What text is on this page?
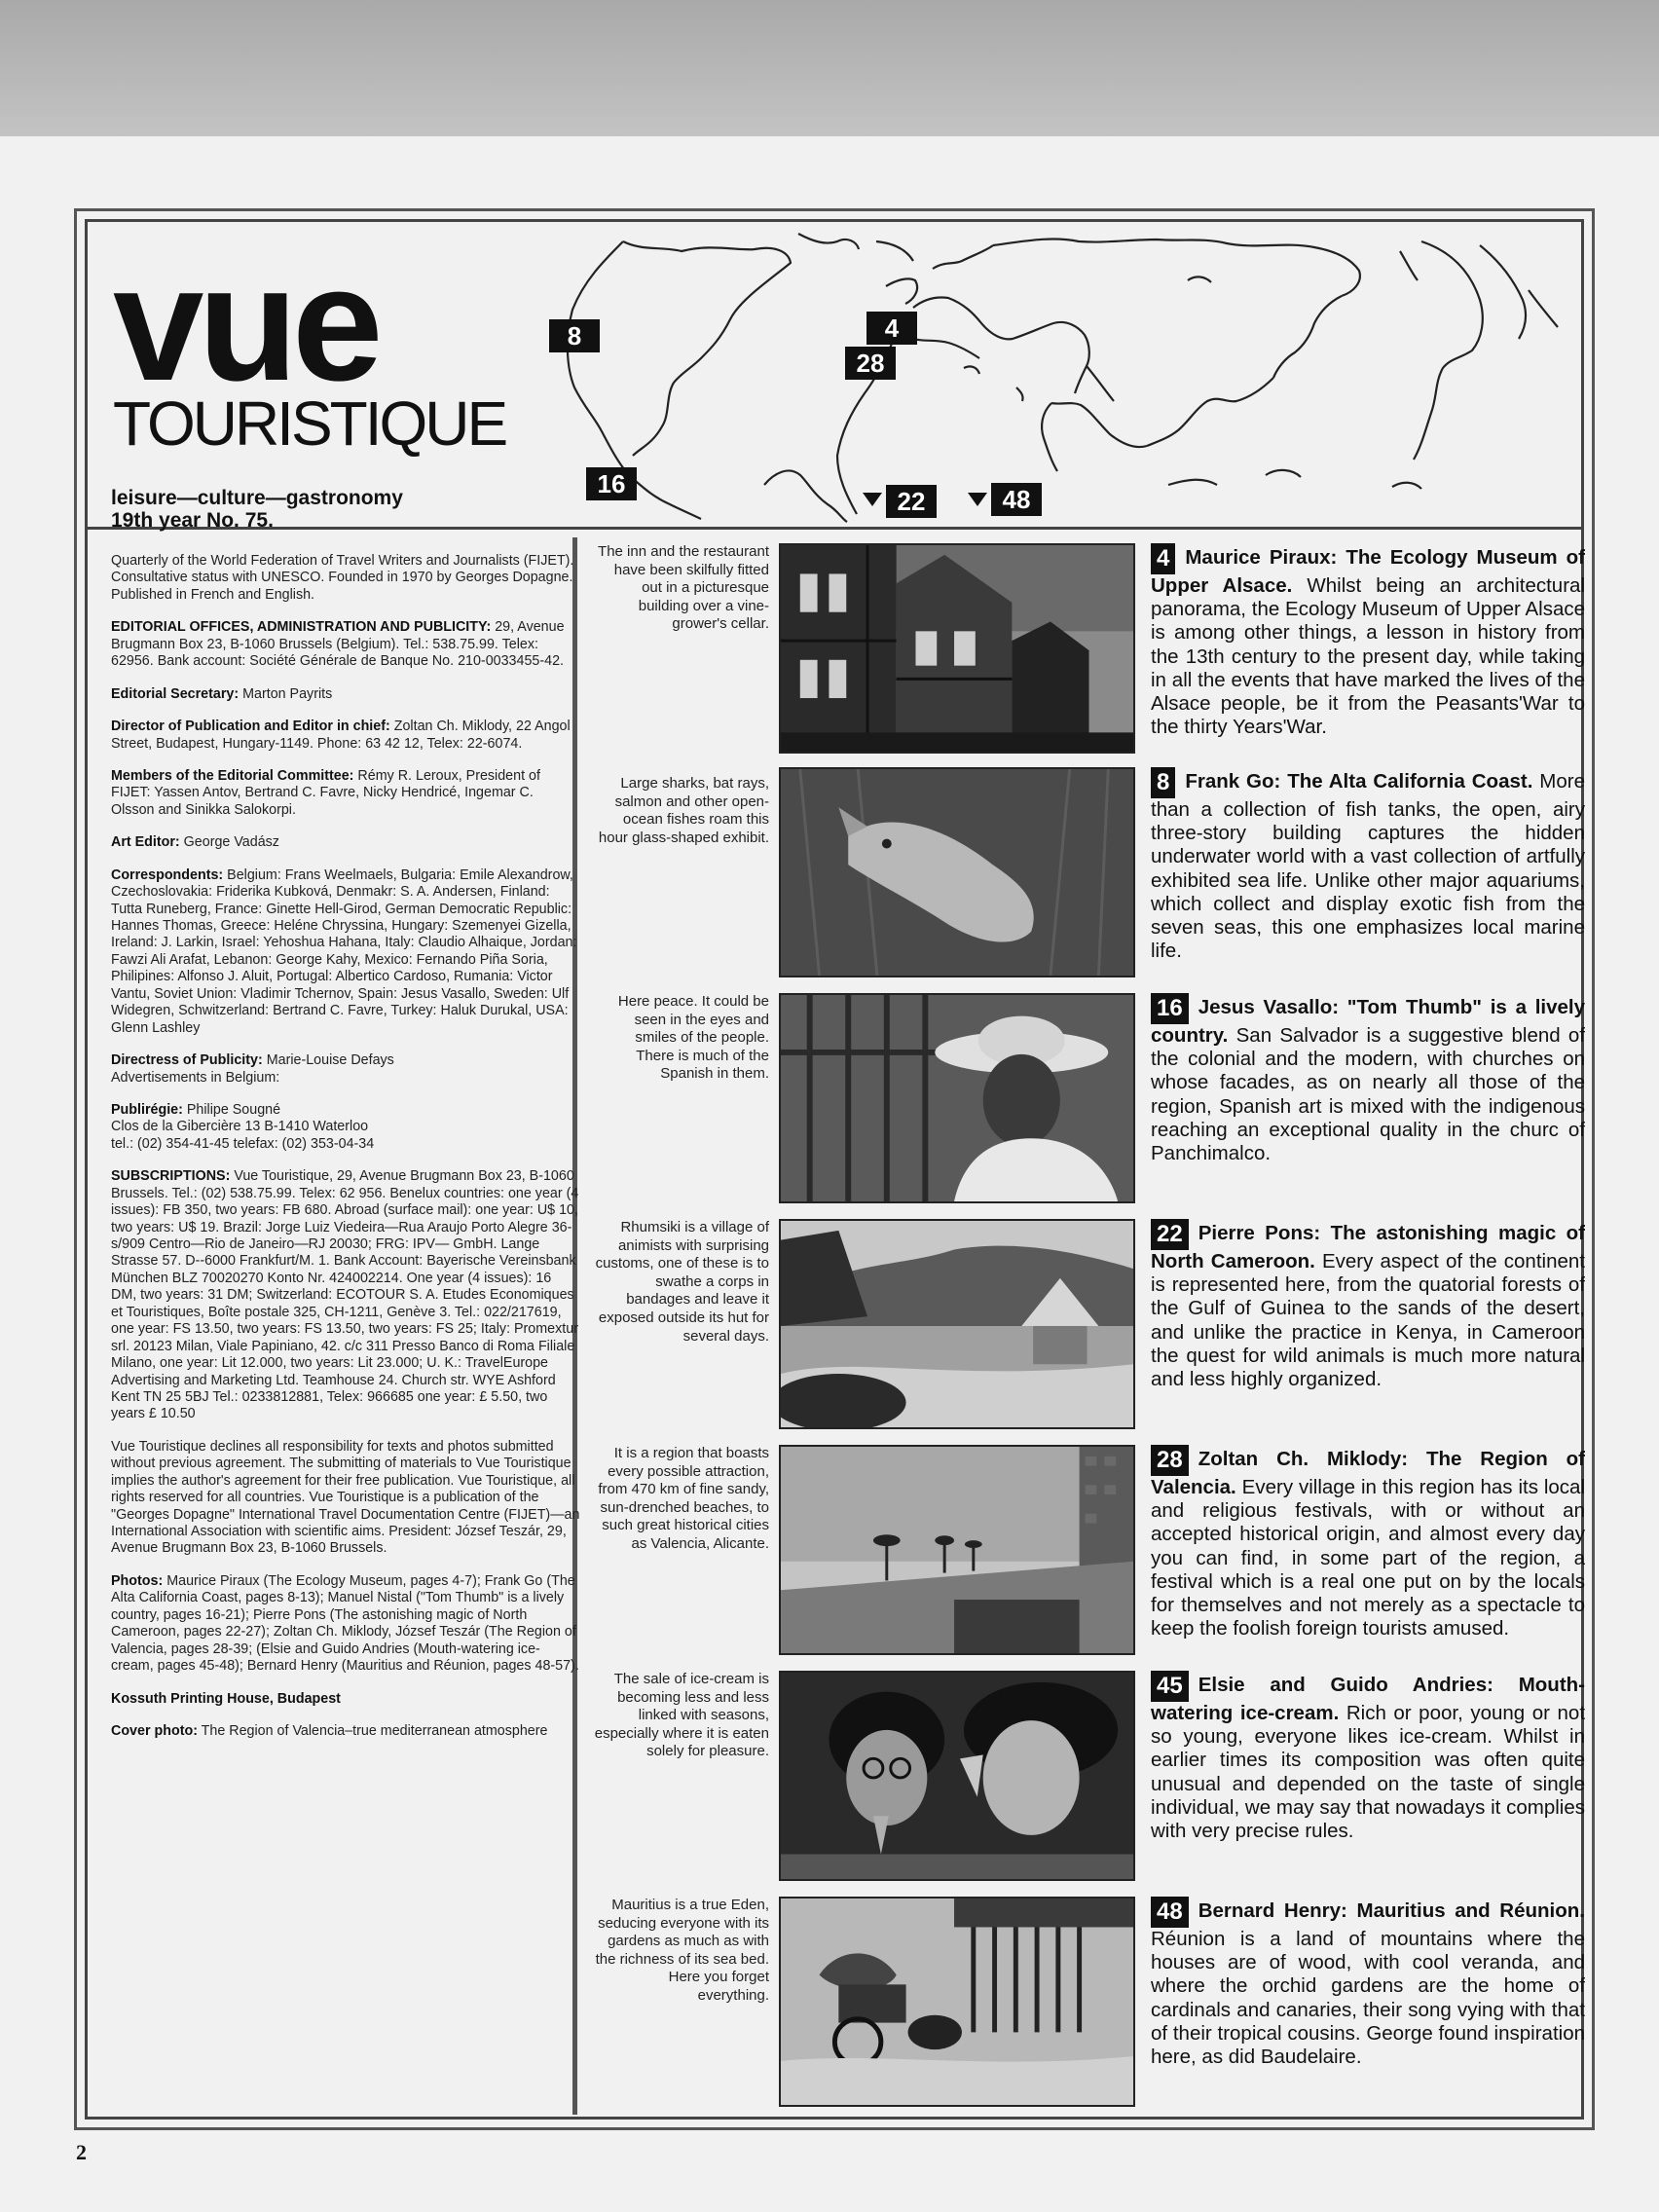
vue
TOURISTIQUE
leisure—culture—gastronomy
19th year No. 75.
8
16
4
28
22	48

Quarterly of the World Federation of Travel Writers and Journalists (FIJET). Consultative status with UNESCO. Founded in 1970 by Georges Dopagne. Published in French and English.

EDITORIAL OFFICES, ADMINISTRATION AND PUBLICITY: 29, Avenue Brugmann Box 23, B-1060 Brussels (Belgium). Tel.: 538.75.99. Telex: 62956. Bank account: Société Générale de Banque No. 210-0033455-42.

Editorial Secretary: Marton Payrits

Director of Publication and Editor in chief: Zoltan Ch. Miklody, 22 Angol Street, Budapest, Hungary-1149. Phone: 63 42 12, Telex: 22-6074.

Members of the Editorial Committee: Rémy R. Leroux, President of FIJET: Yassen Antov, Bertrand C. Favre, Nicky Hendricé, Ingemar C. Olsson and Sinikka Salokorpi.

Art Editor: George Vadász

Correspondents: Belgium: Frans Weelmaels, Bulgaria: Emile Alexandrow, Czechoslovakia: Friderika Kubková, Denmakr: S. A. Andersen, Finland: Tutta Runeberg, France: Ginette Hell-Girod, German Democratic Republic: Hannes Thomas, Greece: Heléne Chryssina, Hungary: Szemenyei Gizella, Ireland: J. Larkin, Israel: Yehoshua Hahana, Italy: Claudio Alhaique, Jordan: Fawzi Ali Arafat, Lebanon: George Kahy, Mexico: Fernando Piña Soria, Philipines: Alfonso J. Aluit, Portugal: Albertico Cardoso, Rumania: Victor Vantu, Soviet Union: Vladimir Tchernov, Spain: Jesus Vasallo, Sweden: Ulf Widegren, Schwitzerland: Bertrand C. Favre, Turkey: Haluk Durukal, USA: Glenn Lashley

Directress of Publicity: Marie-Louise Defays
Advertisements in Belgium:

Publirégie: Philipe Sougné
Clos de la Gibercière 13 B-1410 Waterloo
tel.: (02) 354-41-45 telefax: (02) 353-04-34

SUBSCRIPTIONS: Vue Touristique, 29, Avenue Brugmann Box 23, B-1060 Brussels. Tel.: (02) 538.75.99. Telex: 62 956. Benelux countries: one year (4 issues): FB 350, two years: FB 680. Abroad (surface mail): one year: U$ 10, two years: U$ 19. Brazil: Jorge Luiz Viedeira—Rua Araujo Porto Alegre 36-s/909 Centro—Rio de Janeiro—RJ 20030; FRG: IPV— GmbH. Lange Strasse 57. D--6000 Frankfurt/M. 1. Bank Account: Bayerische Vereinsbank München BLZ 70020270 Konto Nr. 424002214. One year (4 issues): 16 DM, two years: 31 DM; Switzerland: ECOTOUR S. A. Etudes Economiques et Touristiques, Boîte postale 325, CH-1211, Genève 3. Tel.: 022/217619, one year: FS 13.50, two years: FS 13.50, two years: FS 25; Italy: Promextur srl. 20123 Milan, Viale Papiniano, 42. c/c 311 Presso Banco di Roma Filiale Milano, one year: Lit 12.000, two years: Lit 23.000; U. K.: TravelEurope Advertising and Marketing Ltd. Teamhouse 24. Church str. WYE Ashford Kent TN 25 5BJ Tel.: 0233812881, Telex: 966685 one year: £ 5.50, two years £ 10.50

Vue Touristique declines all responsibility for texts and photos submitted without previous agreement. The submitting of materials to Vue Touristique implies the author's agreement for their free publication. Vue Touristique, all rights reserved for all countries. Vue Touristique is a publication of the "Georges Dopagne" International Travel Documentation Centre (FIJET)—an International Association with scientific aims. President: József Teszár, 29, Avenue Brugmann Box 23, B-1060 Brussels.

Photos: Maurice Piraux (The Ecology Museum, pages 4-7); Frank Go (The Alta California Coast, pages 8-13); Manuel Nistal ("Tom Thumb" is a lively country, pages 16-21); Pierre Pons (The astonishing magic of North Cameroon, pages 22-27); Zoltan Ch. Miklody, József Teszár (The Region of Valencia, pages 28-39; (Elsie and Guido Andries (Mouth-watering ice-cream, pages 45-48); Bernard Henry (Mauritius and Réunion, pages 48-57).

Kossuth Printing House, Budapest

Cover photo: The Region of Valencia–true mediterranean atmosphere

The inn and the restaurant have been skilfully fitted out in a picturesque building over a vine-grower's cellar.
4 Maurice Piraux: The Ecology Museum of Upper Alsace. Whilst being an architectural panorama, the Ecology Museum of Upper Alsace is among other things, a lesson in history from the 13th century to the present day, while taking in all the events that have marked the lives of the Alsace people, be it from the Peasants'War to the thirty Years'War.
Large sharks, bat rays, salmon and other open-ocean fishes roam this hour glass-shaped exhibit.
8 Frank Go: The Alta California Coast. More than a collection of fish tanks, the open, airy three-story building captures the hidden underwater world with a vast collection of artfully exhibited sea life. Unlike other major aquariums, which collect and display exotic fish from the seven seas, this one emphasizes local marine life.
Here peace. It could be seen in the eyes and smiles of the people. There is much of the Spanish in them.
16 Jesus Vasallo: "Tom Thumb" is a lively country. San Salvador is a suggestive blend of the colonial and the modern, with churches on whose facades, as on nearly all those of the region, Spanish art is mixed with the indigenous reaching an exceptional quality in the churc of Panchimalco.
Rhumsiki is a village of animists with surprising customs, one of these is to swathe a corps in bandages and leave it exposed outside its hut for several days.
22 Pierre Pons: The astonishing magic of North Cameroon. Every aspect of the continent is represented here, from the quatorial forests of the Gulf of Guinea to the sands of the desert, and unlike the practice in Kenya, in Cameroon the quest for wild animals is much more natural and less highly organized.
It is a region that boasts every possible attraction, from 470 km of fine sandy, sun-drenched beaches, to such great historical cities as Valencia, Alicante.
28 Zoltan Ch. Miklody: The Region of Valencia. Every village in this region has its local and religious festivals, with or without an accepted historical origin, and almost every day you can find, in some part of the region, a festival which is a real one put on by the locals for themselves and not merely as a spectacle to keep the foolish foreign tourists amused.
The sale of ice-cream is becoming less and less linked with seasons, especially where it is eaten solely for pleasure.
45 Elsie and Guido Andries: Mouth-watering ice-cream. Rich or poor, young or not so young, everyone likes ice-cream. Whilst in earlier times its composition was often quite unusual and depended on the taste of single individual, we may say that nowadays it complies with very precise rules.
Mauritius is a true Eden, seducing everyone with its gardens as much as with the richness of its sea bed. Here you forget everything.
48 Bernard Henry: Mauritius and Réunion. Réunion is a land of mountains where the houses are of wood, with cool veranda, and where the orchid gardens are the home of cardinals and canaries, their song vying with that of their tropical cousins. George found inspiration here, as did Baudelaire.
2
